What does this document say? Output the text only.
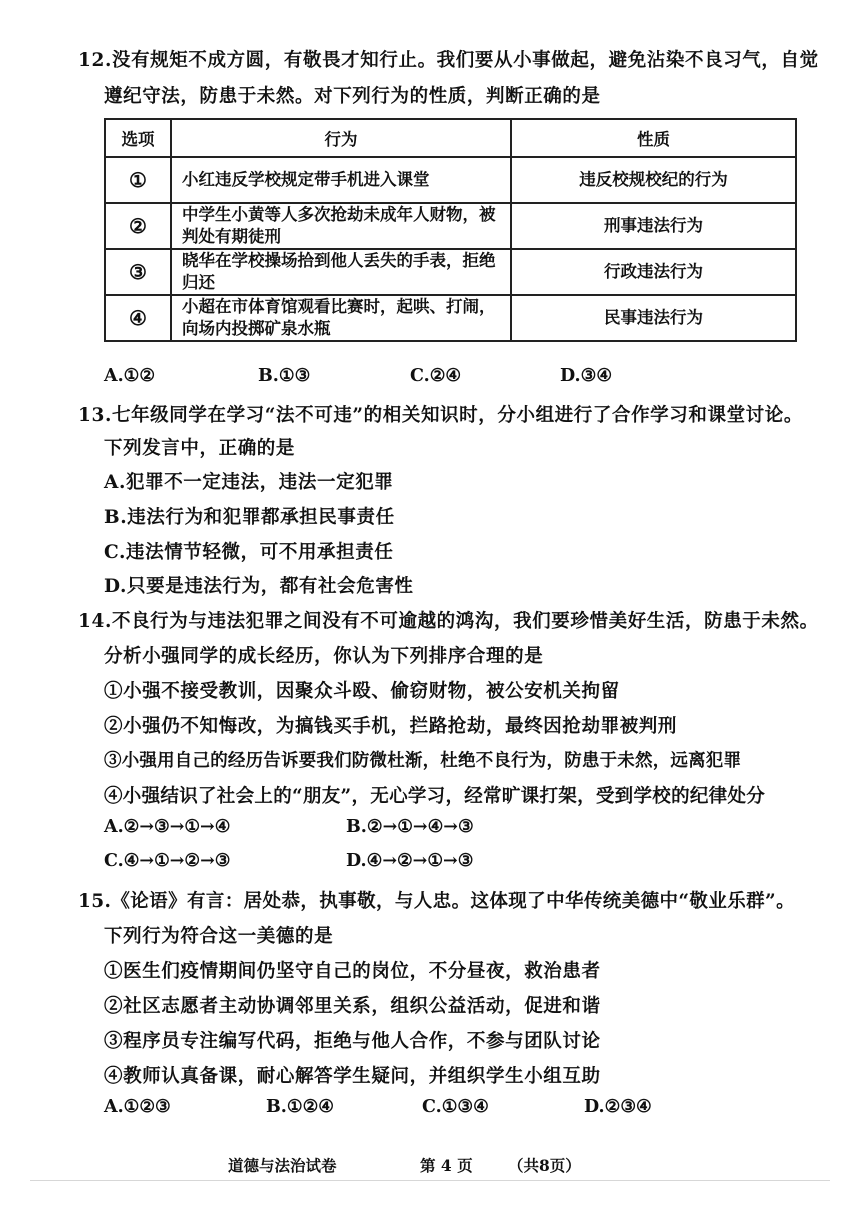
12.没有规矩不成方圆，有敬畏才知行止。我们要从小事做起，避免沾染不良习气，自觉
遵纪守法，防患于未然。对下列行为的性质，判断正确的是
选项	行为	性质
①	小红违反学校规定带手机进入课堂	违反校规校纪的行为
②	中学生小黄等人多次抢劫未成年人财物，被判处有期徒刑	刑事违法行为
③	晓华在学校操场拾到他人丢失的手表，拒绝归还	行政违法行为
④	小超在市体育馆观看比赛时，起哄、打闹，向场内投掷矿泉水瓶	民事违法行为
A.①②	B.①③	C.②④	D.③④
13.七年级同学在学习“法不可违”的相关知识时，分小组进行了合作学习和课堂讨论。
下列发言中，正确的是
A.犯罪不一定违法，违法一定犯罪
B.违法行为和犯罪都承担民事责任
C.违法情节轻微，可不用承担责任
D.只要是违法行为，都有社会危害性
14.不良行为与违法犯罪之间没有不可逾越的鸿沟，我们要珍惜美好生活，防患于未然。
分析小强同学的成长经历，你认为下列排序合理的是
①小强不接受教训，因聚众斗殴、偷窃财物，被公安机关拘留
②小强仍不知悔改，为搞钱买手机，拦路抢劫，最终因抢劫罪被判刑
③小强用自己的经历告诉要我们防微杜渐，杜绝不良行为，防患于未然，远离犯罪
④小强结识了社会上的“朋友”，无心学习，经常旷课打架，受到学校的纪律处分
A.②→③→①→④	B.②→①→④→③
C.④→①→②→③	D.④→②→①→③
15.《论语》有言：居处恭，执事敬，与人忠。这体现了中华传统美德中“敬业乐群”。
下列行为符合这一美德的是
①医生们疫情期间仍坚守自己的岗位，不分昼夜，救治患者
②社区志愿者主动协调邻里关系，组织公益活动，促进和谐
③程序员专注编写代码，拒绝与他人合作，不参与团队讨论
④教师认真备课，耐心解答学生疑问，并组织学生小组互助
A.①②③	B.①②④	C.①③④	D.②③④
道德与法治试卷	第 4 页 （共8页）
